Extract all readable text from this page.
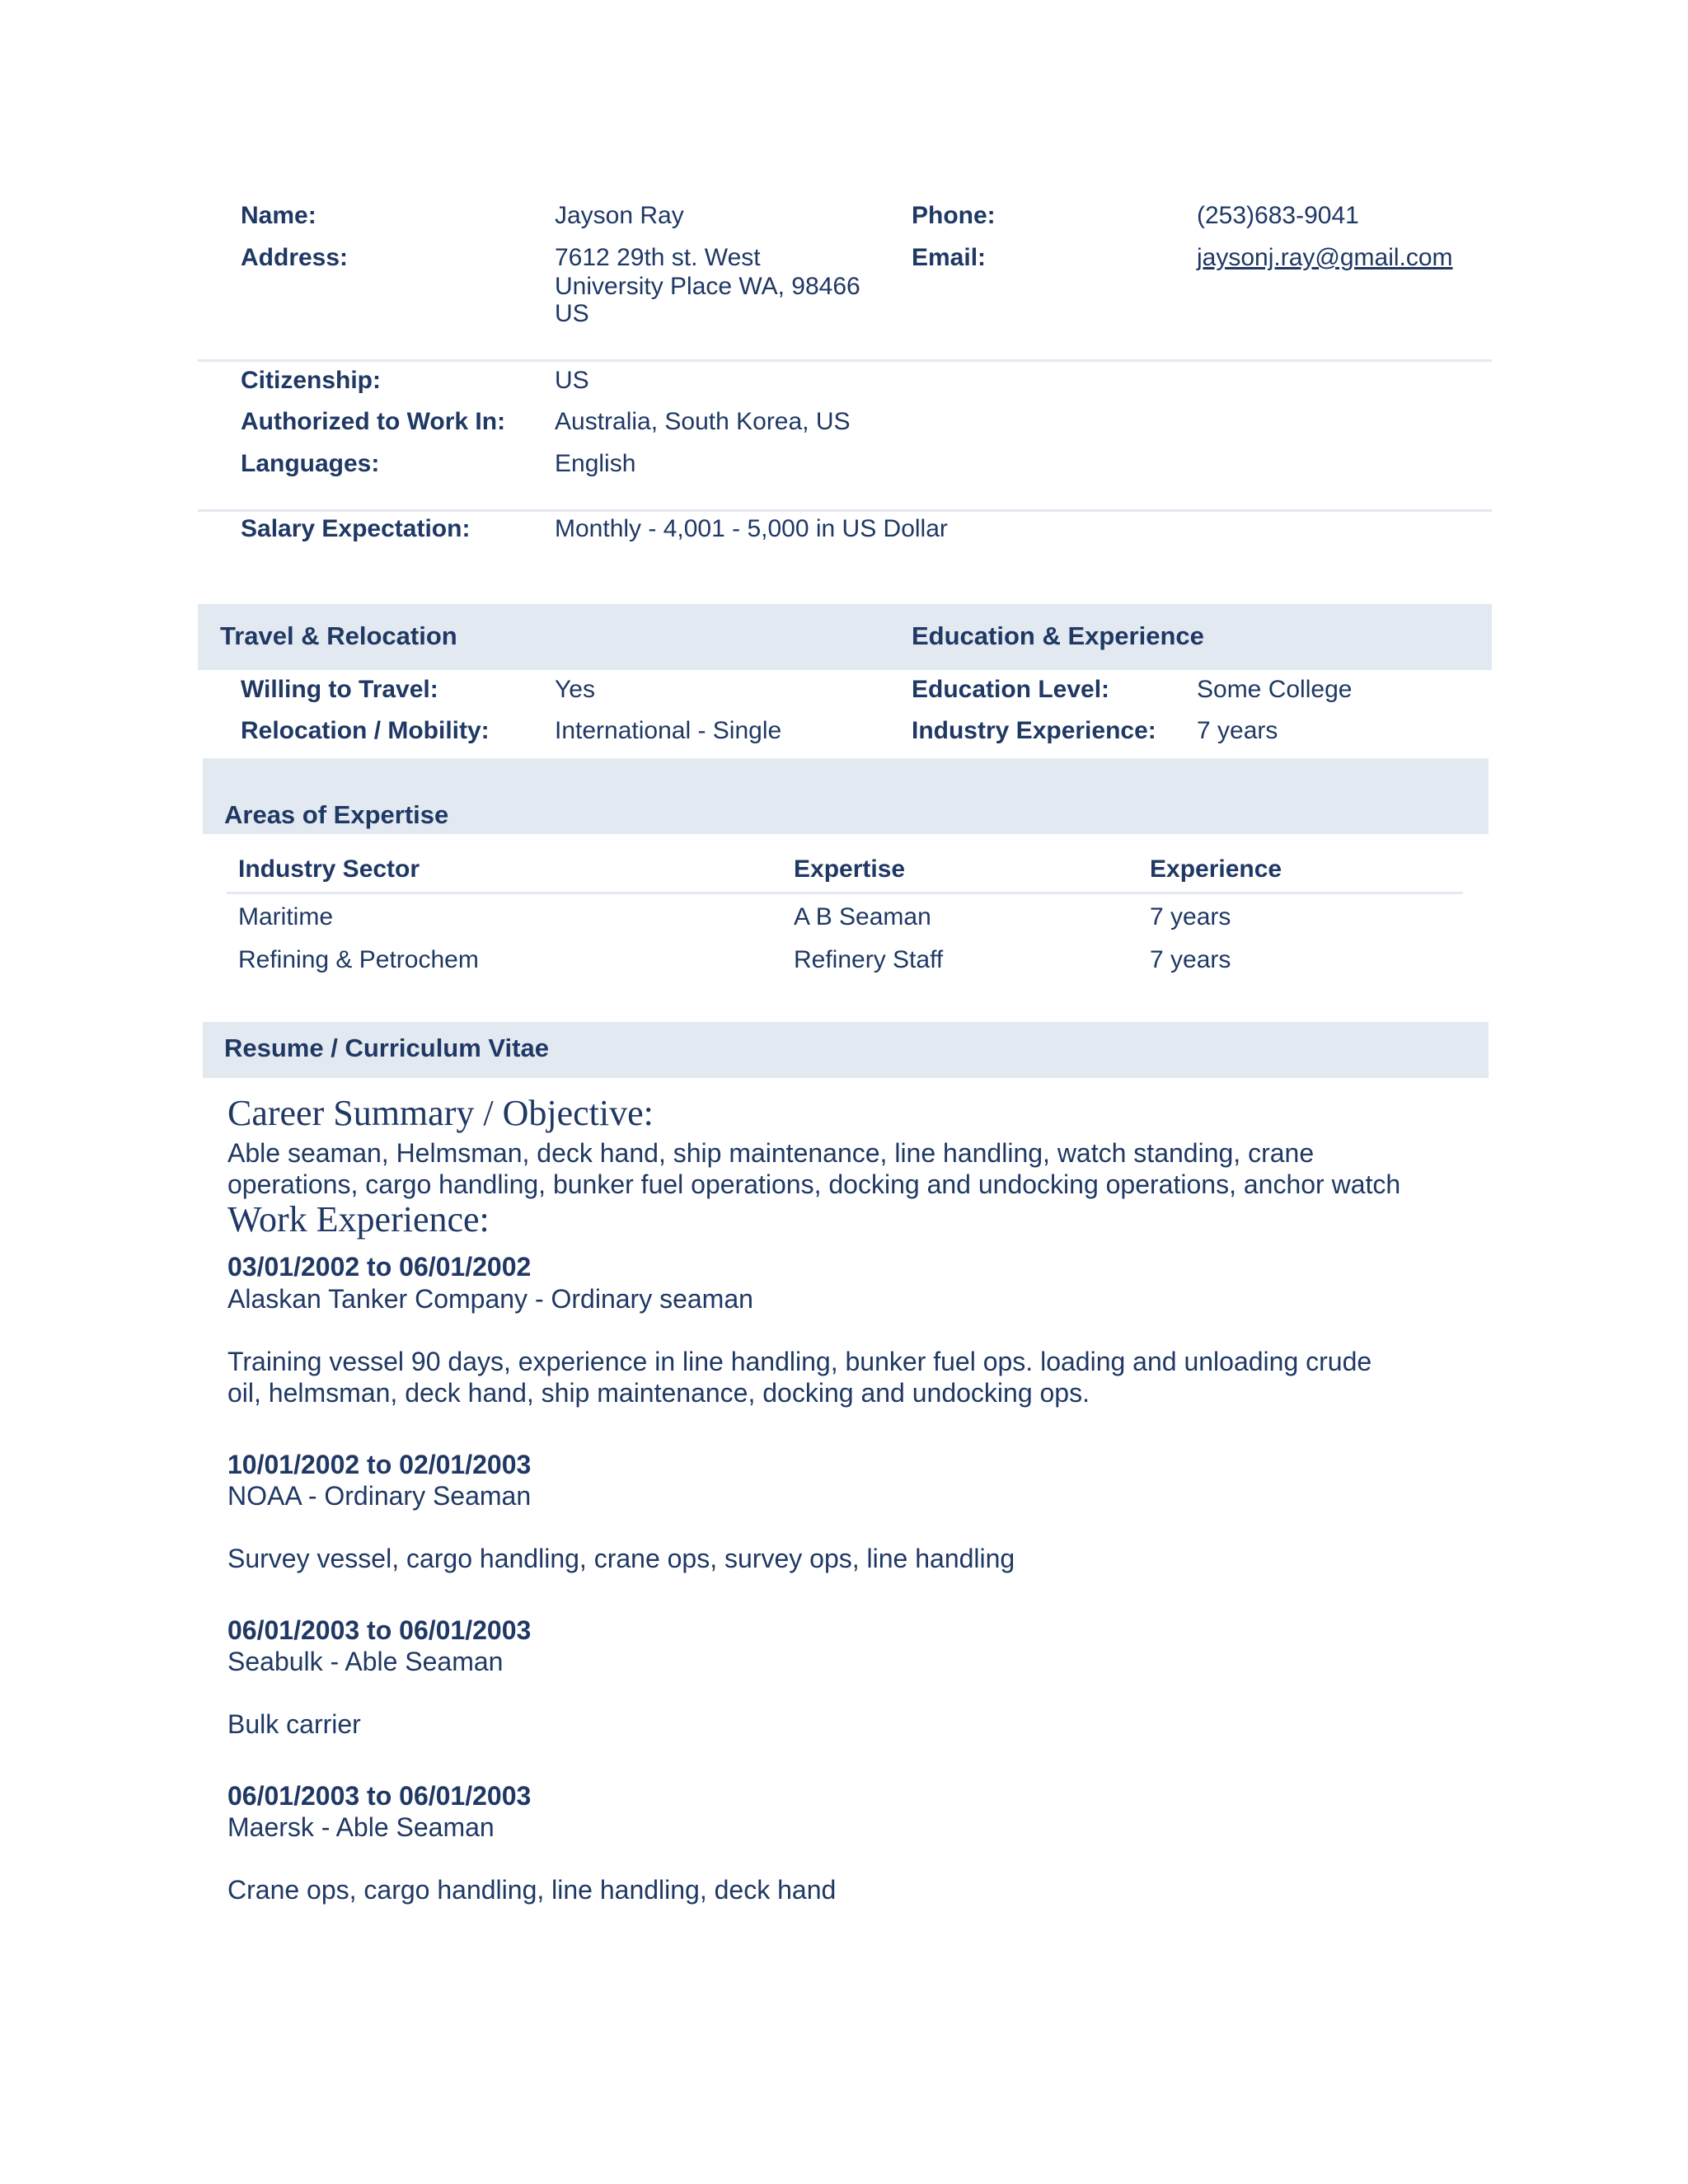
Name:	Jayson Ray	Phone:	(253)683-9041
Address:	7612 29th st. West
University Place WA, 98466
US
Email:	jaysonj.ray@gmail.com
Citizenship:	US
Authorized to Work In: Australia, South Korea, US
Languages:	English
Salary Expectation:	Monthly - 4,001 - 5,000 in US Dollar
Travel & Relocation	Education & Experience
Willing to Travel:	Yes	Education Level:	Some College
Relocation / Mobility:	International - Single	Industry Experience: 7 years
Areas of Expertise
Industry Sector	Expertise	Experience
Maritime	A B Seaman	7 years
Refining & Petrochem	Refinery Staff	7 years
Resume / Curriculum Vitae
Career Summary / Objective:
Able seaman, Helmsman, deck hand, ship maintenance, line handling, watch standing, crane
operations, cargo handling, bunker fuel operations, docking and undocking operations, anchor watch
Work Experience:
03/01/2002 to 06/01/2002
Alaskan Tanker Company - Ordinary seaman
Training vessel 90 days, experience in line handling, bunker fuel ops. loading and unloading crude
oil, helmsman, deck hand, ship maintenance, docking and undocking ops.
10/01/2002 to 02/01/2003
NOAA - Ordinary Seaman
Survey vessel, cargo handling, crane ops, survey ops, line handling
06/01/2003 to 06/01/2003
Seabulk - Able Seaman
Bulk carrier
06/01/2003 to 06/01/2003
Maersk - Able Seaman
Crane ops, cargo handling, line handling, deck hand
